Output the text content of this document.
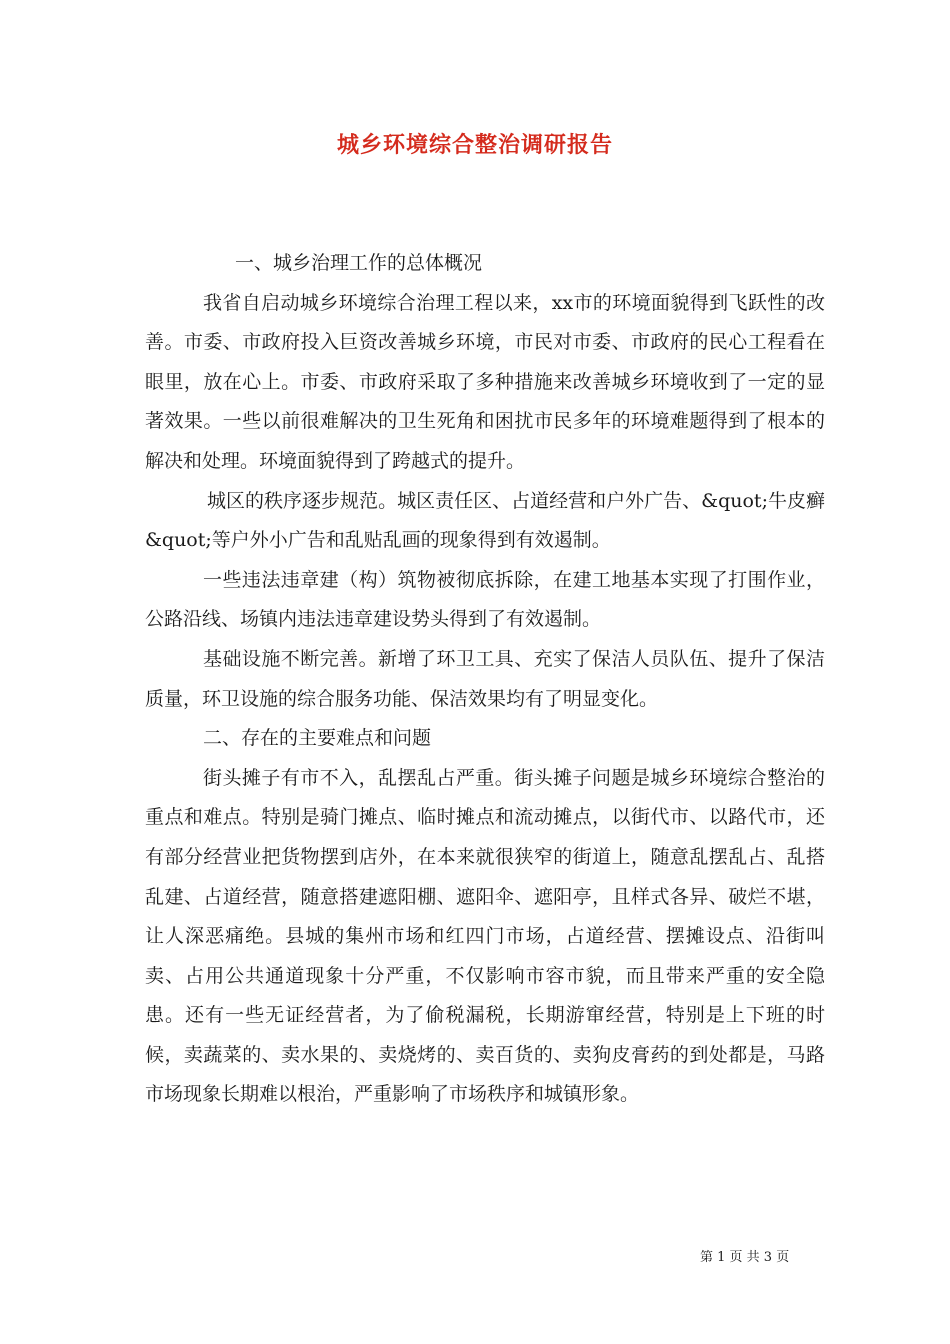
城乡环境综合整治调研报告

一、城乡治理工作的总体概况

我省自启动城乡环境综合治理工程以来，xx市的环境面貌得到飞跃性的改善。市委、市政府投入巨资改善城乡环境，市民对市委、市政府的民心工程看在眼里，放在心上。市委、市政府采取了多种措施来改善城乡环境收到了一定的显著效果。一些以前很难解决的卫生死角和困扰市民多年的环境难题得到了根本的解决和处理。环境面貌得到了跨越式的提升。

城区的秩序逐步规范。城区责任区、占道经营和户外广告、&quot;牛皮癣&quot;等户外小广告和乱贴乱画的现象得到有效遏制。

一些违法违章建（构）筑物被彻底拆除，在建工地基本实现了打围作业，公路沿线、场镇内违法违章建设势头得到了有效遏制。

基础设施不断完善。新增了环卫工具、充实了保洁人员队伍、提升了保洁质量，环卫设施的综合服务功能、保洁效果均有了明显变化。

二、存在的主要难点和问题

街头摊子有市不入，乱摆乱占严重。街头摊子问题是城乡环境综合整治的重点和难点。特别是骑门摊点、临时摊点和流动摊点，以街代市、以路代市，还有部分经营业把货物摆到店外，在本来就很狭窄的街道上，随意乱摆乱占、乱搭乱建、占道经营，随意搭建遮阳棚、遮阳伞、遮阳亭，且样式各异、破烂不堪，让人深恶痛绝。县城的集州市场和红四门市场，占道经营、摆摊设点、沿街叫卖、占用公共通道现象十分严重，不仅影响市容市貌，而且带来严重的安全隐患。还有一些无证经营者，为了偷税漏税，长期游窜经营，特别是上下班的时候，卖蔬菜的、卖水果的、卖烧烤的、卖百货的、卖狗皮膏药的到处都是，马路市场现象长期难以根治，严重影响了市场秩序和城镇形象。

第 1 页 共 3 页
